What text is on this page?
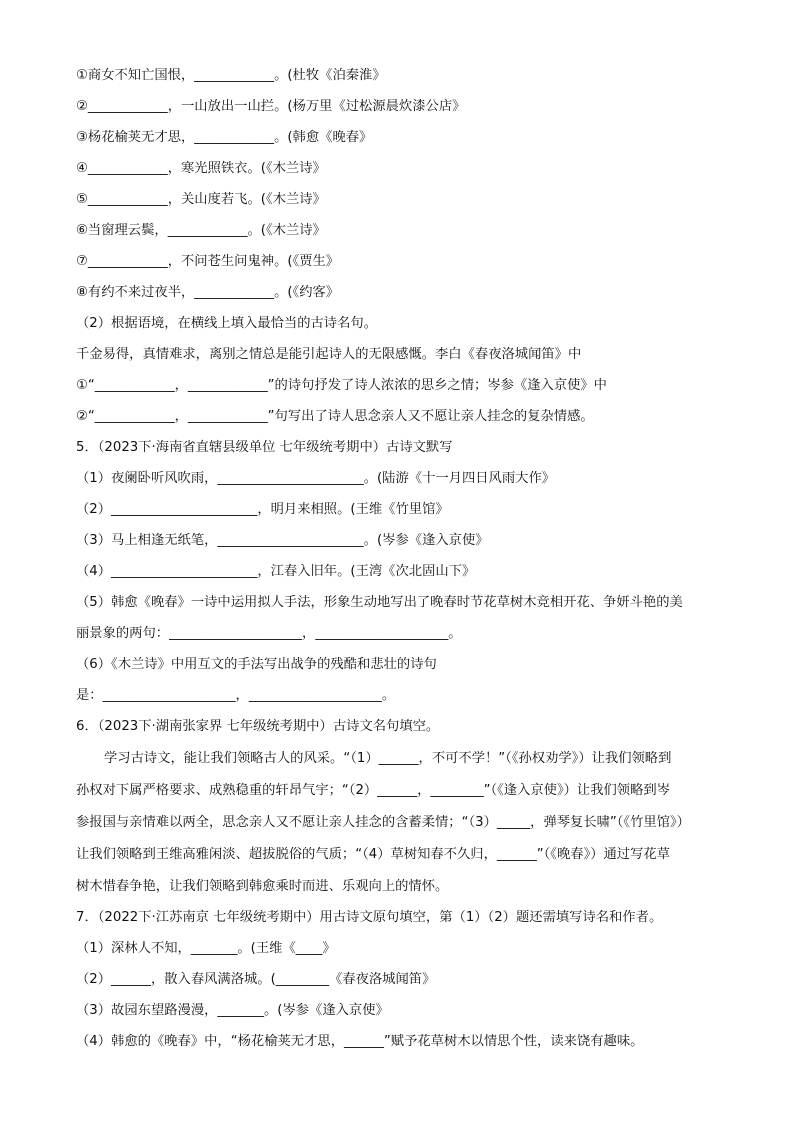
①商女不知亡国恨，____________。(杜牧《泊秦淮》
②____________，一山放出一山拦。(杨万里《过松源晨炊漆公店》
③杨花榆荚无才思，____________。(韩愈《晚春》
④____________，寒光照铁衣。(《木兰诗》
⑤____________，关山度若飞。(《木兰诗》
⑥当窗理云鬓，____________。(《木兰诗》
⑦____________，不问苍生问鬼神。(《贾生》
⑧有约不来过夜半，____________。(《约客》
（2）根据语境，在横线上填入最恰当的古诗名句。
千金易得，真情难求，离别之情总是能引起诗人的无限感慨。李白《春夜洛城闻笛》中
①“____________，____________”的诗句抒发了诗人浓浓的思乡之情；岑参《逢入京使》中
②“____________，____________”句写出了诗人思念亲人又不愿让亲人挂念的复杂情感。
5．（2023下·海南省直辖县级单位 七年级统考期中）古诗文默写
（1）夜阑卧听风吹雨，______________________。(陆游《十一月四日风雨大作》
（2）______________________，明月来相照。(王维《竹里馆》
（3）马上相逢无纸笔，______________________。(岑参《逢入京使》
（4）______________________，江春入旧年。(王湾《次北固山下》
（5）韩愈《晚春》一诗中运用拟人手法，形象生动地写出了晚春时节花草树木竞相开花、争妍斗艳的美
丽景象的两句：____________________，____________________。
（6）《木兰诗》中用互文的手法写出战争的残酷和悲壮的诗句
是：____________________，____________________。
6．（2023下·湖南张家界 七年级统考期中）古诗文名句填空。
学习古诗文，能让我们领略古人的风采。“（1）______，不可不学！”（《孙权劝学》）让我们领略到
孙权对下属严格要求、成熟稳重的轩昂气宇；“（2）______，________”（《逢入京使》）让我们领略到岑
参报国与亲情难以两全，思念亲人又不愿让亲人挂念的含蓄柔情；“（3）_____，弹琴复长啸”（《竹里馆》）
让我们领略到王维高雅闲淡、超拔脱俗的气质；“（4）草树知春不久归，______”（《晚春》）通过写花草
树木惜春争艳，让我们领略到韩愈乘时而进、乐观向上的情怀。
7．（2022下·江苏南京 七年级统考期中）用古诗文原句填空，第（1）（2）题还需填写诗名和作者。
（1）深林人不知，_______。(王维《____》
（2）______，散入春风满洛城。(________《春夜洛城闻笛》
（3）故园东望路漫漫，_______。(岑参《逢入京使》
（4）韩愈的《晚春》中，“杨花榆荚无才思，______”赋予花草树木以情思个性，读来饶有趣味。
